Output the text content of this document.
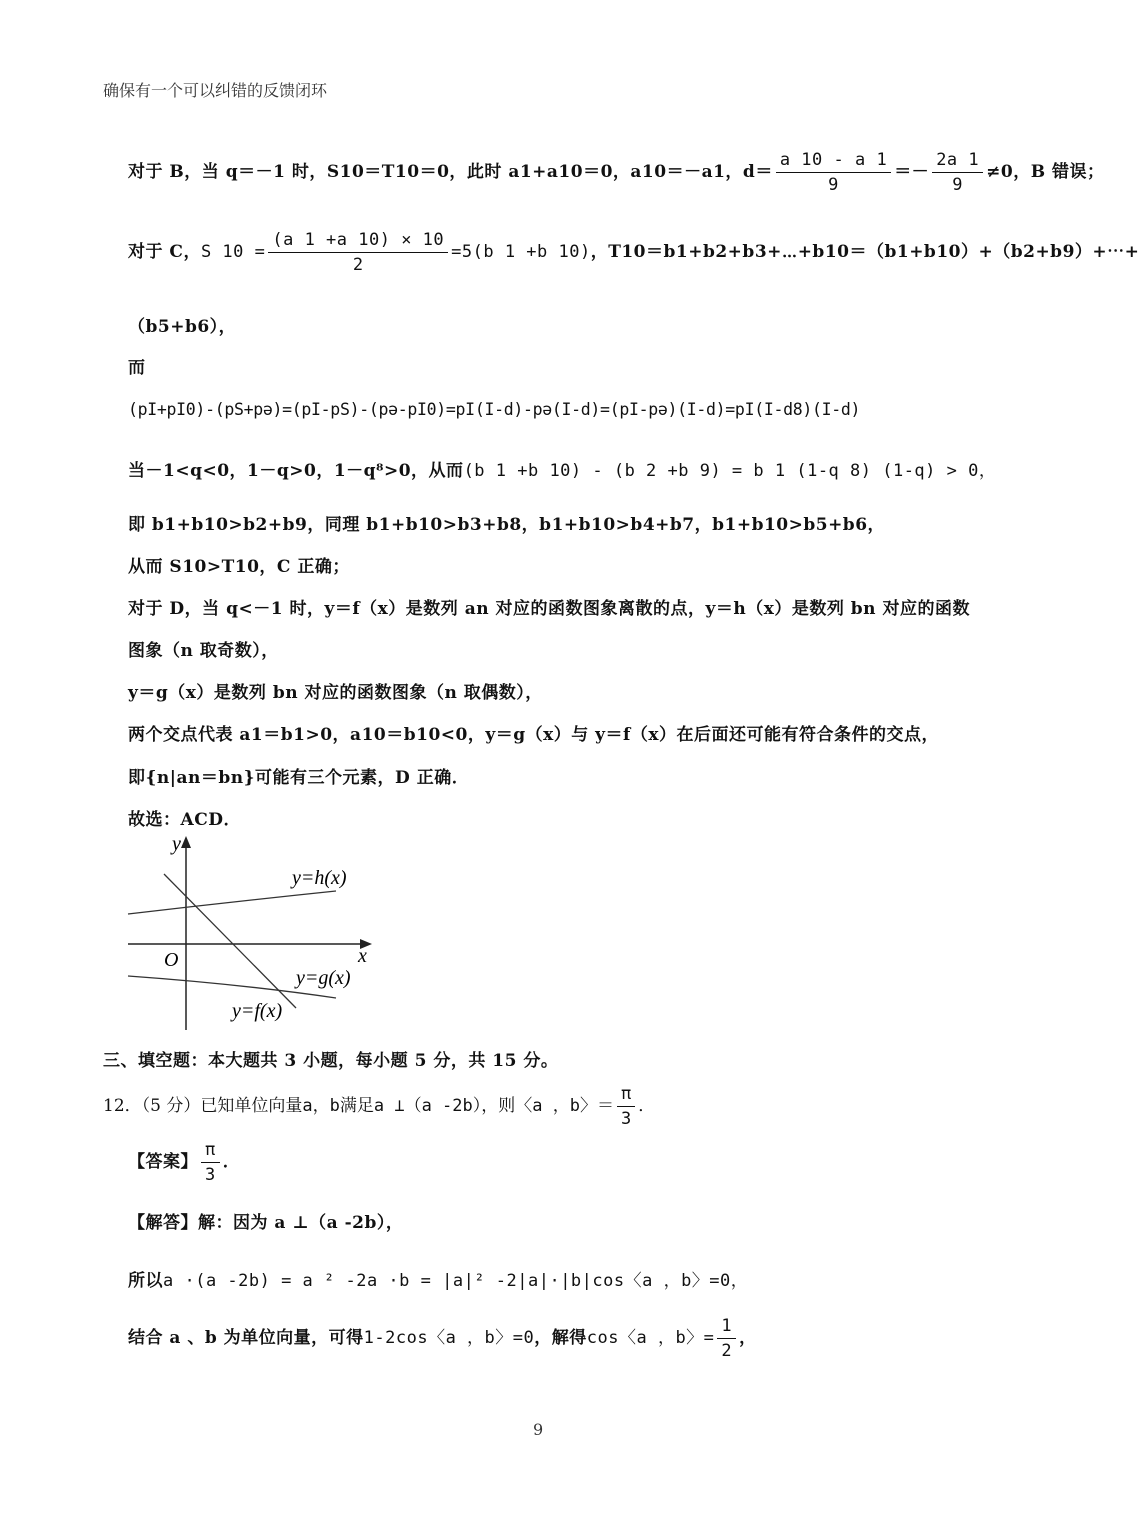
确保有一个可以纠错的反馈闭环
对于 B，当 q＝－1 时，S10＝T10＝0，此时 a1+a10＝0，a10＝－a1，$d= \frac{a 10 - a 1}{9} =- \frac{2a 1}{9} \ne 0$，B 错误；
对于 C，S $10 = \frac{(a 1 +a 10) \times 10}{2} =5(b$ 1 +b 10)，T10＝b1+b2+b3+⋯+b10＝（b1+b10）+（b2+b9）+⋯+
（b5+b6），
而
(pI+pI0)-(pS+pə)=(pI-pS)-(pə-pI0)=pI(I-d)-pə(I-d)=(pI-pə)(I-d)=pI(I-d8)(I-d)
当－1<q<0，1－q>0，1－q⁸>0，从而(b 1 +b 10) - (b 2 +b 9) = b 1 (1-q 8) (1-q) > 0，
即 b1+b10>b2+b9，同理 b1+b10>b3+b8，b1+b10>b4+b7，b1+b10>b5+b6，
从而 S10>T10，C 正确；
对于 D，当 q<－1 时，y＝f（x）是数列 an 对应的函数图象离散的点，y＝h（x）是数列 bn 对应的函数
图象（n 取奇数），
y＝g（x）是数列 bn 对应的函数图象（n 取偶数），
两个交点代表 a1＝b1>0，a10＝b10<0，y＝g（x）与 y＝f（x）在后面还可能有符合条件的交点，
即{n|an＝bn}可能有三个元素，D 正确．
故选：ACD．
y
x
O
y=h(x)
y=g(x)
y=f(x)
三、填空题：本大题共 3 小题，每小题 5 分，共 15 分。
12．（5 分）已知单位向量a，b满足a ⊥（a -2b），则〈a ，b〉＝ $\frac{\pi}{3}$ ．
【答案】 $\frac{\pi}{3}$ ．
【解答】解：因为 a ⊥（a -2b），
所以a ·(a -2b) = a ² -2a ·b = |a|² -2|a|·|b|cos〈a ，b〉=0，
结合 a 、b 为单位向量，可得1-2cos〈a ，b〉=0，解得cos〈a ，b〉= $\frac{1}{2}$ ，
9
